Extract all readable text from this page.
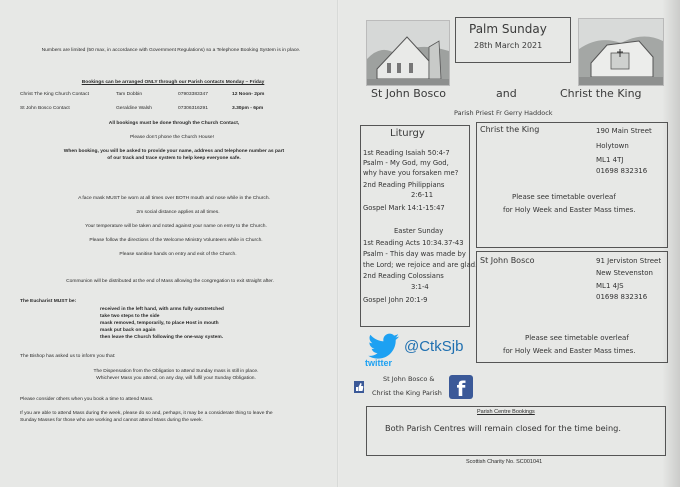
Numbers are limited (50 max, in accordance with Government Regulations) so a Telephone Booking System is in place.
Bookings can be arranged ONLY through our Parish contacts Monday – Friday
Christ The King Church Contact	Tam Dobbin	07903383347	12 Noon- 2pm
St John Bosco Contact	Geraldine Walsh	07306316291	3.30pm - 6pm
All bookings must be done through the Church Contact,
Please don’t phone the Church House!
When booking, you will be asked to provide your name, address and telephone number as part
of our track and trace system to help keep everyone safe.
A face mask MUST be worn at all times over BOTH mouth and nose while in the Church.
2m social distance applies at all times.
Your temperature will be taken and noted against your name on entry to the Church.
Please follow the directions of the Welcome Ministry Volunteers while in Church.
Please sanitise hands on entry and exit of the Church.
Communion will be distributed at the end of Mass allowing the congregation to exit straight after.
The Eucharist MUST be:
received in the left hand, with arms fully outstretched
take two steps to the side
mask removed, temporarily, to place Host in mouth
mask put back on again
then leave the Church following the one-way system.
The Bishop has asked us to inform you that:
The Dispensation from the Obligation to attend Sunday mass is still in place.
Whichever Mass you attend, on any day, will fulfil your Sunday Obligation.
Please consider others when you book a time to attend Mass.
If you are able to attend Mass during the week, please do so and, perhaps, it may be a considerate thing to leave the
Sunday Masses for those who are working and cannot attend Mass during the week.
Palm Sunday
28th March 2021
St John Bosco	and	Christ the King
Parish Priest Fr Gerry Haddock
Liturgy
1st Reading Isaiah 50:4-7
Psalm - My God, my God,
why have you forsaken me?
2nd Reading Philippians
2:6-11
Gospel Mark 14:1-15:47
Easter Sunday
1st Reading Acts 10:34.37-43
Psalm - This day was made by
the Lord; we rejoice and are glad.
2nd Reading Colossians
3:1-4
Gospel John 20:1-9
Christ the King	190 Main Street
Holytown
ML1 4TJ
01698 832316
Please see timetable overleaf
for Holy Week and Easter Mass times.
St John Bosco	91 Jerviston Street
New Stevenston
ML1 4JS
01698 832316
Please see timetable overleaf
for Holy Week and Easter Mass times.
twitter
@CtkSjb
St John Bosco &
Christ the King Parish f
Parish Centre Bookings
Both Parish Centres will remain closed for the time being.
Scottish Charity No. SC001041
